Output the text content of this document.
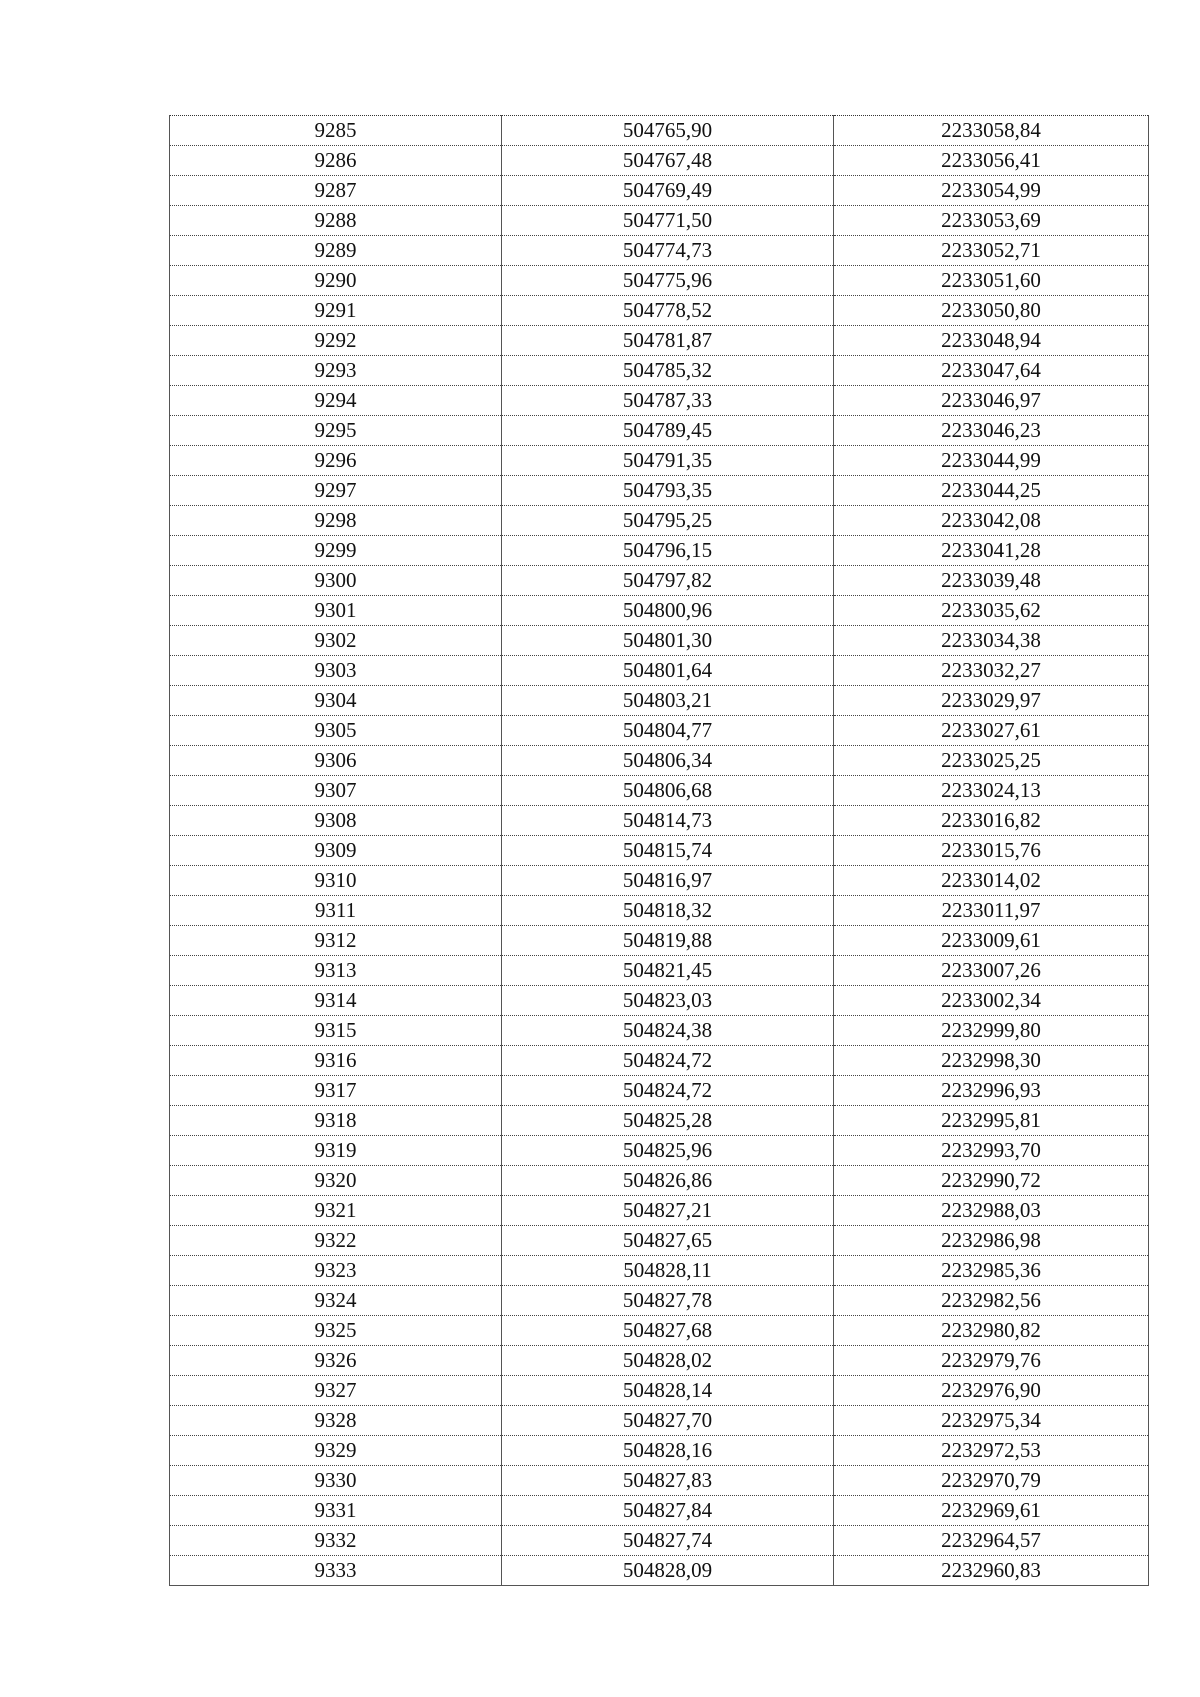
9285	504765,90	2233058,84
9286	504767,48	2233056,41
9287	504769,49	2233054,99
9288	504771,50	2233053,69
9289	504774,73	2233052,71
9290	504775,96	2233051,60
9291	504778,52	2233050,80
9292	504781,87	2233048,94
9293	504785,32	2233047,64
9294	504787,33	2233046,97
9295	504789,45	2233046,23
9296	504791,35	2233044,99
9297	504793,35	2233044,25
9298	504795,25	2233042,08
9299	504796,15	2233041,28
9300	504797,82	2233039,48
9301	504800,96	2233035,62
9302	504801,30	2233034,38
9303	504801,64	2233032,27
9304	504803,21	2233029,97
9305	504804,77	2233027,61
9306	504806,34	2233025,25
9307	504806,68	2233024,13
9308	504814,73	2233016,82
9309	504815,74	2233015,76
9310	504816,97	2233014,02
9311	504818,32	2233011,97
9312	504819,88	2233009,61
9313	504821,45	2233007,26
9314	504823,03	2233002,34
9315	504824,38	2232999,80
9316	504824,72	2232998,30
9317	504824,72	2232996,93
9318	504825,28	2232995,81
9319	504825,96	2232993,70
9320	504826,86	2232990,72
9321	504827,21	2232988,03
9322	504827,65	2232986,98
9323	504828,11	2232985,36
9324	504827,78	2232982,56
9325	504827,68	2232980,82
9326	504828,02	2232979,76
9327	504828,14	2232976,90
9328	504827,70	2232975,34
9329	504828,16	2232972,53
9330	504827,83	2232970,79
9331	504827,84	2232969,61
9332	504827,74	2232964,57
9333	504828,09	2232960,83
